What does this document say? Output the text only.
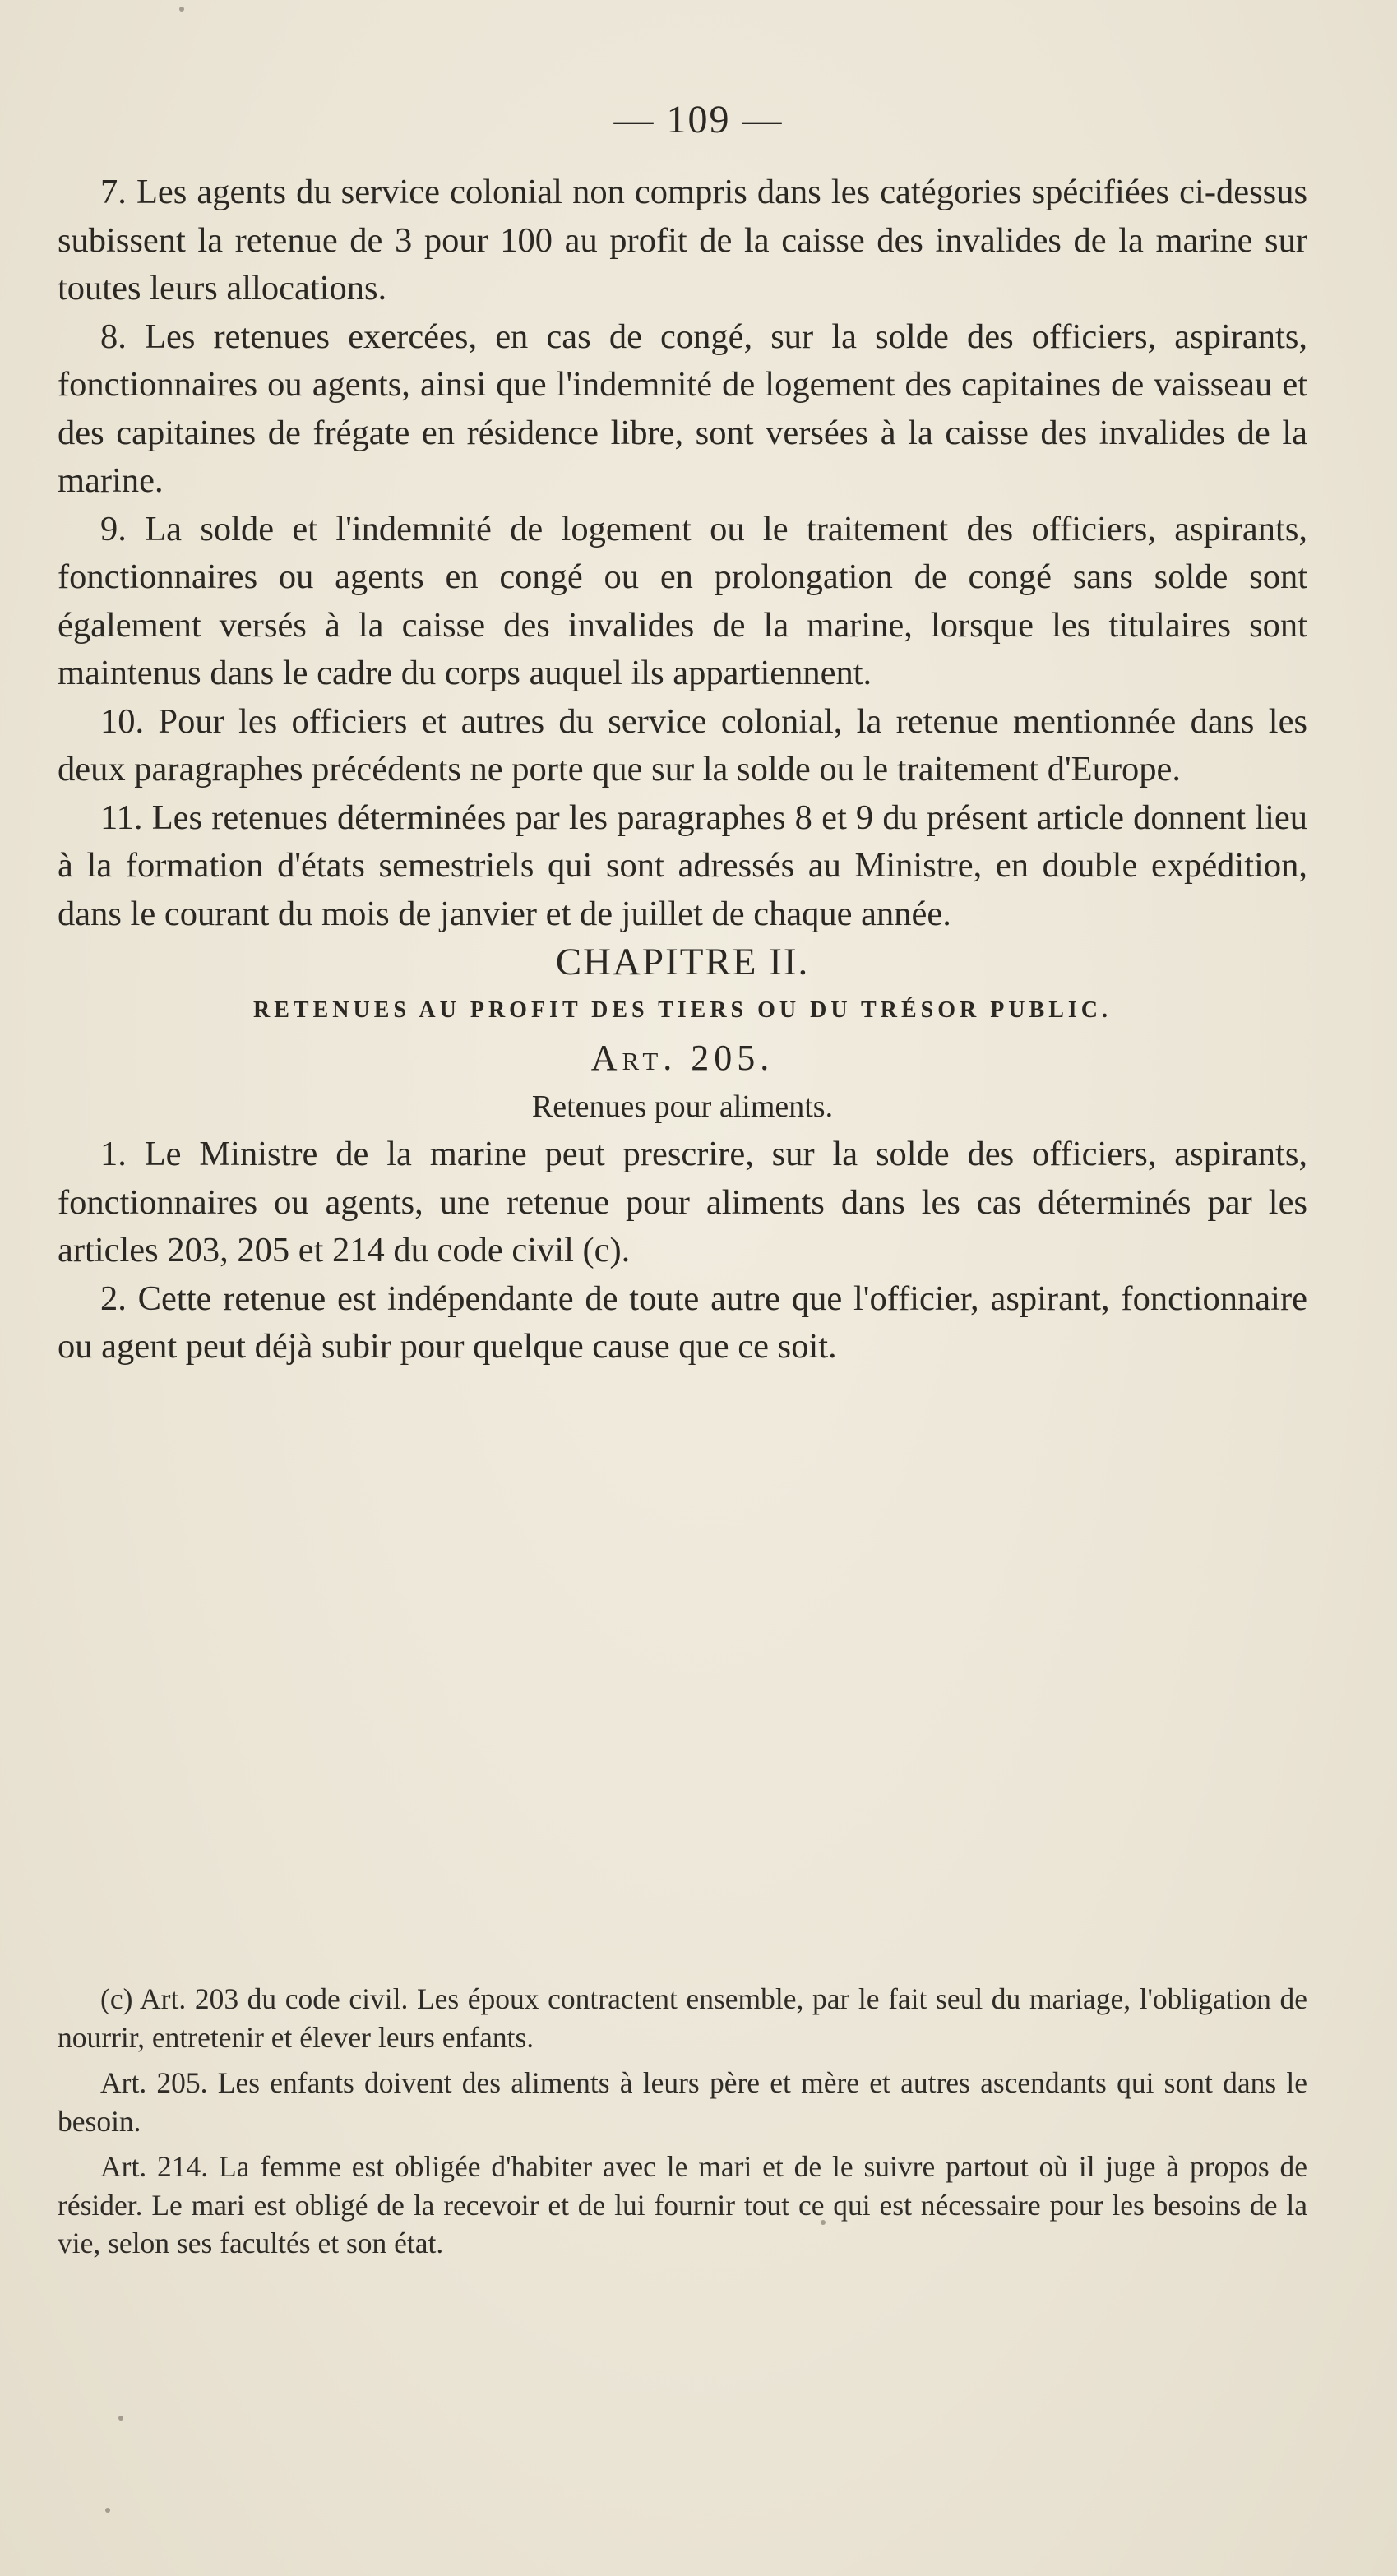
— 109 —

7. Les agents du service colonial non compris dans les catégories spécifiées ci-dessus subissent la retenue de 3 pour 100 au profit de la caisse des invalides de la marine sur toutes leurs allocations.

8. Les retenues exercées, en cas de congé, sur la solde des officiers, aspirants, fonctionnaires ou agents, ainsi que l'indemnité de logement des capitaines de vaisseau et des capitaines de frégate en résidence libre, sont versées à la caisse des invalides de la marine.

9. La solde et l'indemnité de logement ou le traitement des officiers, aspirants, fonctionnaires ou agents en congé ou en prolongation de congé sans solde sont également versés à la caisse des invalides de la marine, lorsque les titulaires sont maintenus dans le cadre du corps auquel ils appartiennent.

10. Pour les officiers et autres du service colonial, la retenue mentionnée dans les deux paragraphes précédents ne porte que sur la solde ou le traitement d'Europe.

11. Les retenues déterminées par les paragraphes 8 et 9 du présent article donnent lieu à la formation d'états semestriels qui sont adressés au Ministre, en double expédition, dans le courant du mois de janvier et de juillet de chaque année.

CHAPITRE II.

RETENUES AU PROFIT DES TIERS OU DU TRÉSOR PUBLIC.

Art. 205.

Retenues pour aliments.

1. Le Ministre de la marine peut prescrire, sur la solde des officiers, aspirants, fonctionnaires ou agents, une retenue pour aliments dans les cas déterminés par les articles 203, 205 et 214 du code civil (c).

2. Cette retenue est indépendante de toute autre que l'officier, aspirant, fonctionnaire ou agent peut déjà subir pour quelque cause que ce soit.

(c) Art. 203 du code civil. Les époux contractent ensemble, par le fait seul du mariage, l'obligation de nourrir, entretenir et élever leurs enfants.

Art. 205. Les enfants doivent des aliments à leurs père et mère et autres ascendants qui sont dans le besoin.

Art. 214. La femme est obligée d'habiter avec le mari et de le suivre partout où il juge à propos de résider. Le mari est obligé de la recevoir et de lui fournir tout ce qui est nécessaire pour les besoins de la vie, selon ses facultés et son état.
